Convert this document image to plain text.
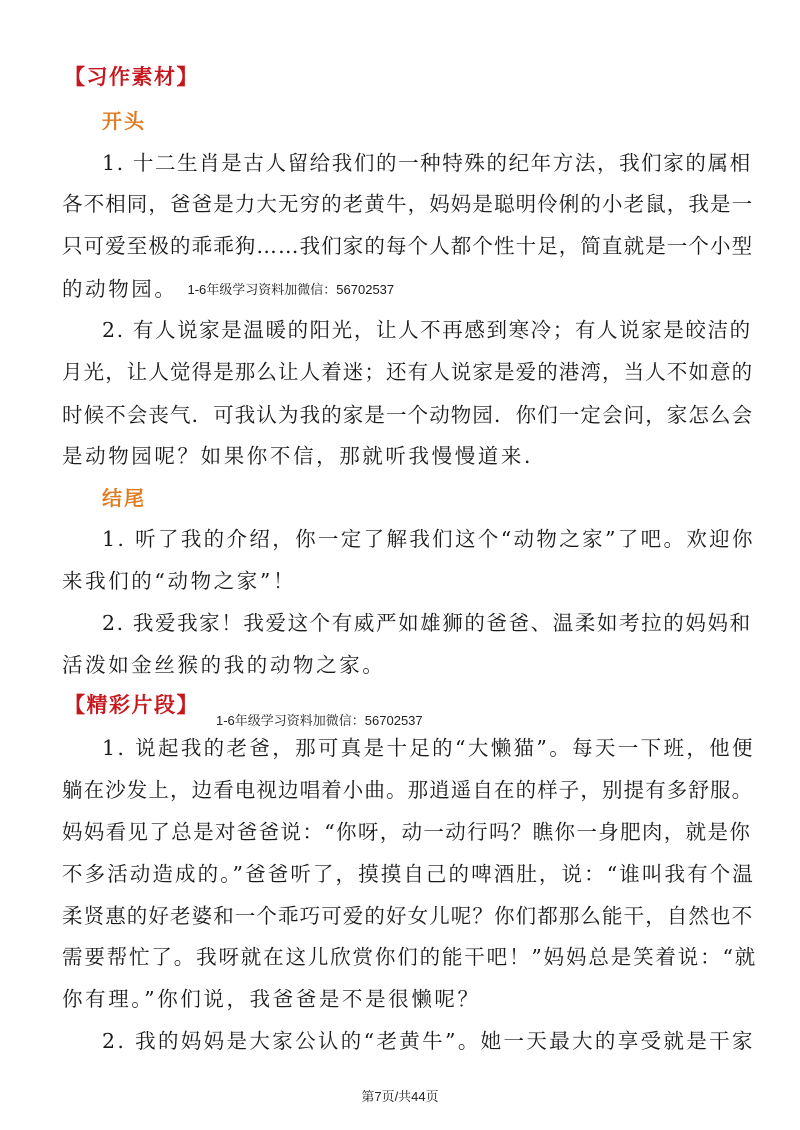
【习作素材】
开头
1. 十二生肖是古人留给我们的一种特殊的纪年方法，我们家的属相
各不相同，爸爸是力大无穷的老黄牛，妈妈是聪明伶俐的小老鼠，我是一
只可爱至极的乖乖狗……我们家的每个人都个性十足，简直就是一个小型
的动物园。 1-6年级学习资料加微信：56702537
2. 有人说家是温暖的阳光，让人不再感到寒冷；有人说家是皎洁的
月光，让人觉得是那么让人着迷；还有人说家是爱的港湾，当人不如意的
时候不会丧气．可我认为我的家是一个动物园．你们一定会问，家怎么会
是动物园呢？如果你不信，那就听我慢慢道来．
结尾
1. 听了我的介绍，你一定了解我们这个“动物之家”了吧。欢迎你
来我们的“动物之家”！
2. 我爱我家！我爱这个有威严如雄狮的爸爸、温柔如考拉的妈妈和
活泼如金丝猴的我的动物之家。
【精彩片段】
1-6年级学习资料加微信：56702537
1. 说起我的老爸，那可真是十足的“大懒猫”。每天一下班，他便
躺在沙发上，边看电视边唱着小曲。那逍遥自在的样子，别提有多舒服。
妈妈看见了总是对爸爸说：“你呀，动一动行吗？瞧你一身肥肉，就是你
不多活动造成的。”爸爸听了，摸摸自己的啤酒肚，说：“谁叫我有个温
柔贤惠的好老婆和一个乖巧可爱的好女儿呢？你们都那么能干，自然也不
需要帮忙了。我呀就在这儿欣赏你们的能干吧！”妈妈总是笑着说：“就
你有理。”你们说，我爸爸是不是很懒呢？
2. 我的妈妈是大家公认的“老黄牛”。她一天最大的享受就是干家
第7页/共44页
